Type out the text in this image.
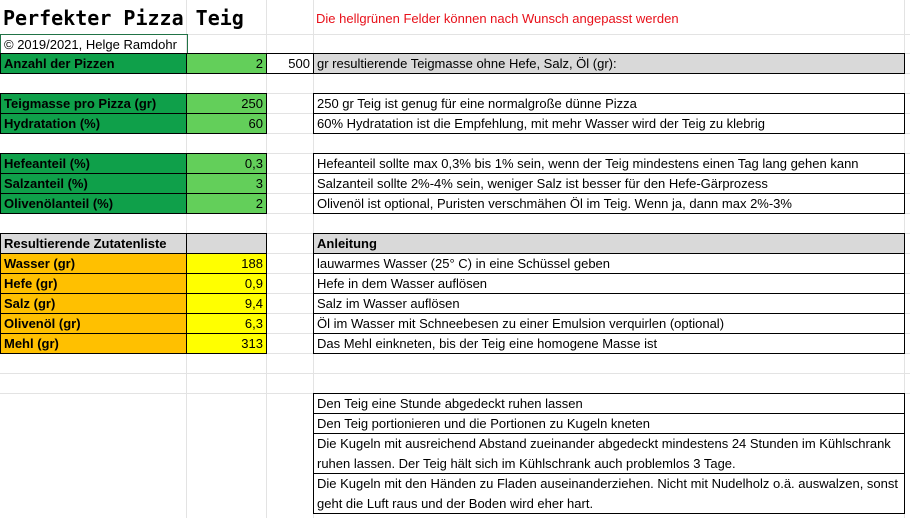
Perfekter Pizza Teig	Die hellgrünen Felder können nach Wunsch angepasst werden
© 2019/2021, Helge Ramdohr
Anzahl der Pizzen	2	500 gr resultierende Teigmasse ohne Hefe, Salz, Öl (gr):
Teigmasse pro Pizza (gr)	250	250 gr Teig ist genug für eine normalgroße dünne Pizza
Hydratation (%)	60	60% Hydratation ist die Empfehlung, mit mehr Wasser wird der Teig zu klebrig
Hefeanteil (%)	0,3	Hefeanteil sollte max 0,3% bis 1% sein, wenn der Teig mindestens einen Tag lang gehen kann
Salzanteil (%)	3	Salzanteil sollte 2%-4% sein, weniger Salz ist besser für den Hefe-Gärprozess
Olivenölanteil (%)	2	Olivenöl ist optional, Puristen verschmähen Öl im Teig. Wenn ja, dann max 2%-3%
Resultierende Zutatenliste	Anleitung
Wasser (gr)	188	lauwarmes Wasser (25° C) in eine Schüssel geben
Hefe (gr)	0,9	Hefe in dem Wasser auflösen
Salz (gr)	9,4	Salz im Wasser auflösen
Olivenöl (gr)	6,3	Öl im Wasser mit Schneebesen zu einer Emulsion verquirlen (optional)
Mehl (gr)	313	Das Mehl einkneten, bis der Teig eine homogene Masse ist
Den Teig eine Stunde abgedeckt ruhen lassen
Den Teig portionieren und die Portionen zu Kugeln kneten
Die Kugeln mit ausreichend Abstand zueinander abgedeckt mindestens 24 Stunden im Kühlschrank ruhen lassen. Der Teig hält sich im Kühlschrank auch problemlos 3 Tage.
Die Kugeln mit den Händen zu Fladen auseinanderziehen. Nicht mit Nudelholz o.ä. auswalzen, sonst geht die Luft raus und der Boden wird eher hart.
